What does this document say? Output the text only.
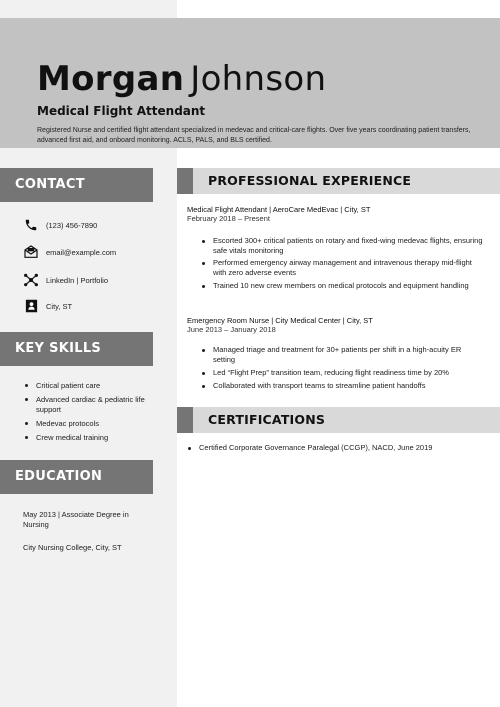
Morgan Johnson
Medical Flight Attendant
Registered Nurse and certified flight attendant specialized in medevac and critical-care flights. Over five years coordinating patient transfers, advanced first aid, and onboard monitoring. ACLS, PALS, and BLS certified.
CONTACT
(123) 456-7890
email@example.com
LinkedIn | Portfolio
City, ST
KEY SKILLS
Critical patient care
Advanced cardiac & pediatric life support
Medevac protocols
Crew medical training
EDUCATION
May 2013 | Associate Degree in Nursing
City Nursing College, City, ST
PROFESSIONAL EXPERIENCE
Medical Flight Attendant | AeroCare MedEvac | City, ST
February 2018 – Present
Escorted 300+ critical patients on rotary and fixed-wing medevac flights, ensuring safe vitals monitoring
Performed emergency airway management and intravenous therapy mid-flight with zero adverse events
Trained 10 new crew members on medical protocols and equipment handling
Emergency Room Nurse | City Medical Center | City, ST
June 2013 – January 2018
Managed triage and treatment for 30+ patients per shift in a high-acuity ER setting
Led “Flight Prep” transition team, reducing flight readiness time by 20%
Collaborated with transport teams to streamline patient handoffs
CERTIFICATIONS
Certified Corporate Governance Paralegal (CCGP), NACD, June 2019
